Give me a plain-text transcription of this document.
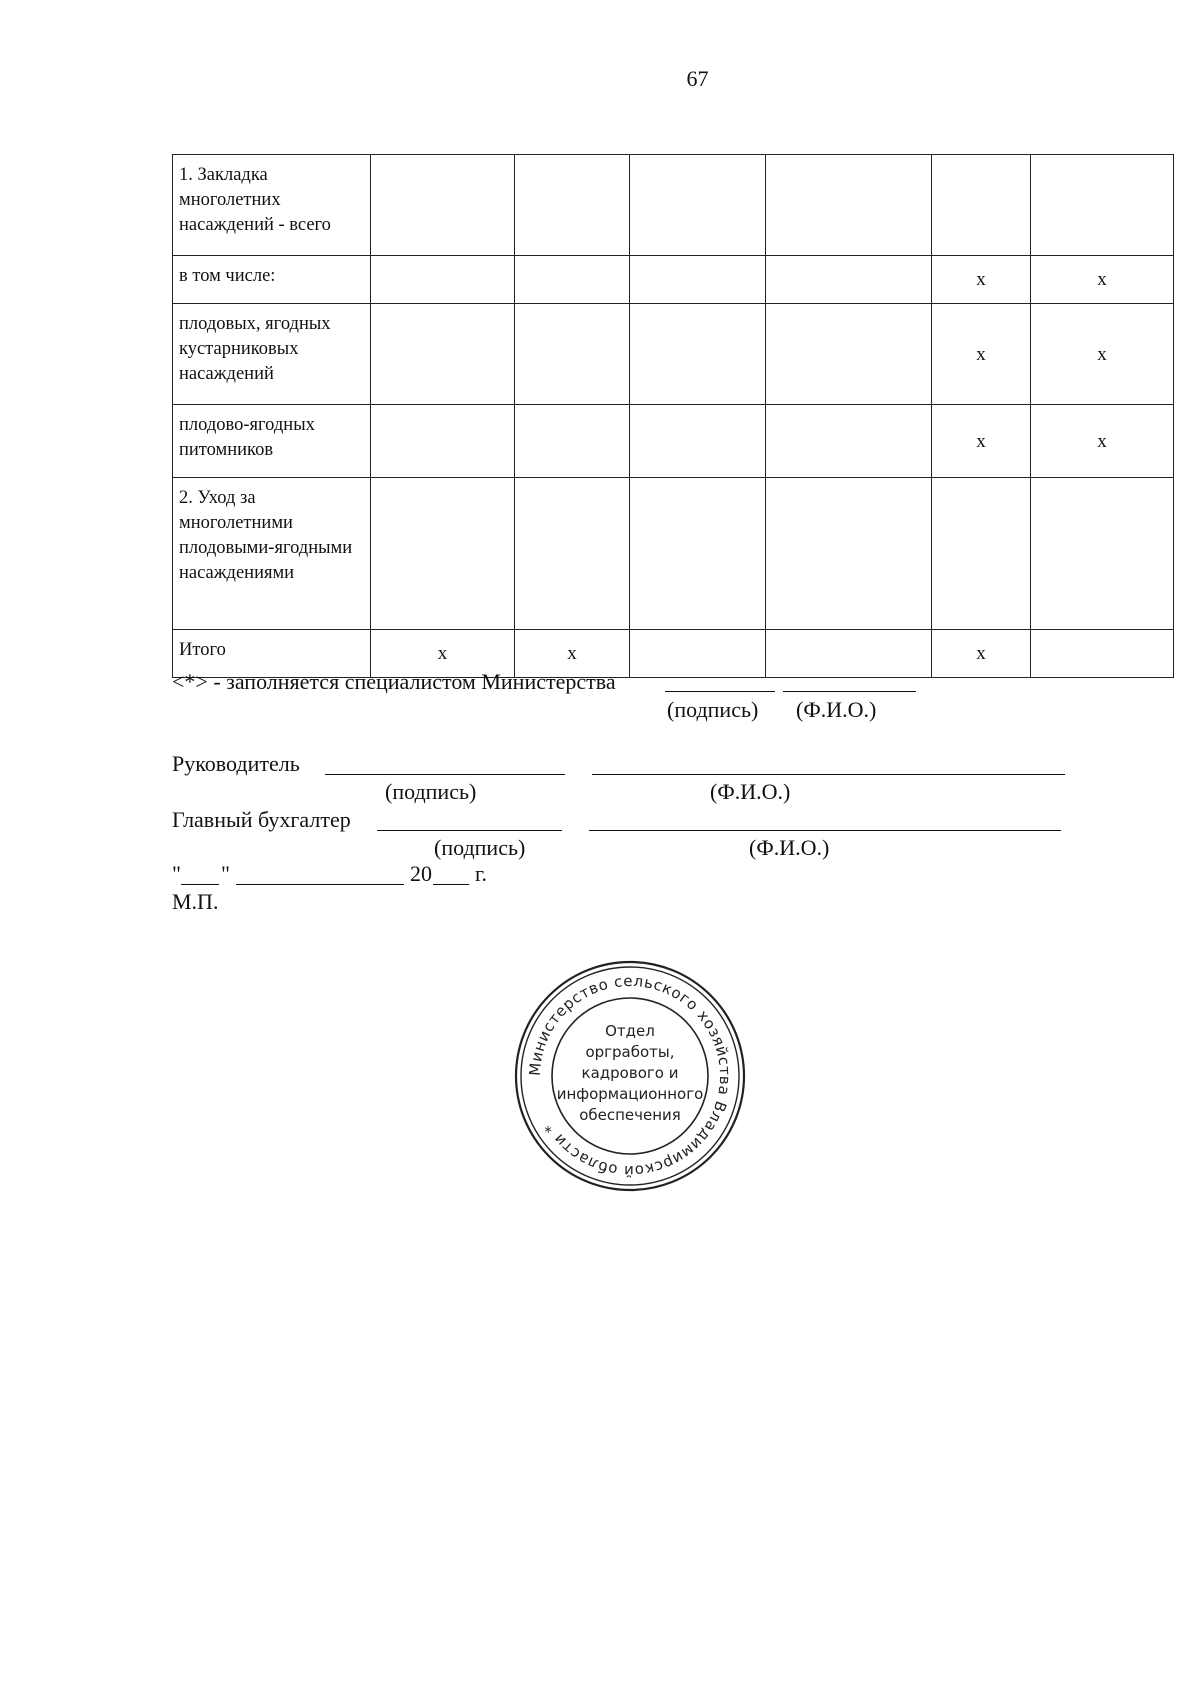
67
1. Закладка многолетних насаждений - всего						
в том числе:					x	x
плодовых, ягодных кустарниковых насаждений					x	x
плодово-ягодных питомников					x	x
2. Уход за многолетними плодовыми-ягодными насаждениями						
Итого	x	x			x	
<*> - заполняется специалистом Министерства
(подпись) (Ф.И.О.)
Руководитель
(подпись)	(Ф.И.О.)
Главный бухгалтер
(подпись)	(Ф.И.О.)
" "	20 г.
М.П.
Министерство сельского хозяйства Владимирской области *
Отдел
оргработы,
кадрового и
информационного
обеспечения
